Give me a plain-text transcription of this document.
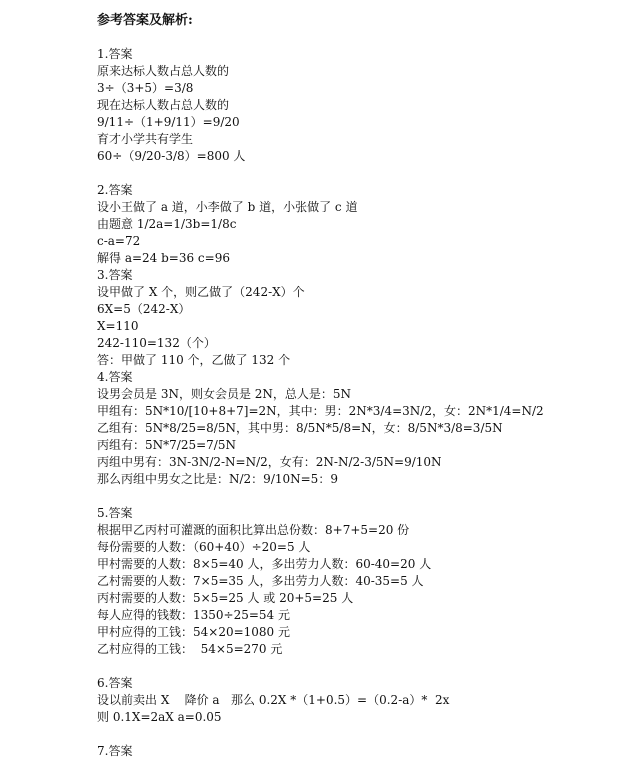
参考答案及解析:
1.答案
原来达标人数占总人数的
3÷（3+5）=3/8
现在达标人数占总人数的
9/11÷（1+9/11）=9/20
育才小学共有学生
60÷（9/20-3/8）=800 人
2.答案
设小王做了 a 道，小李做了 b 道，小张做了 c 道
由题意 1/2a=1/3b=1/8c
c-a=72
解得 a=24 b=36 c=96
3.答案
设甲做了 X 个，则乙做了（242-X）个
6X=5（242-X）
X=110
242-110=132（个）
答：甲做了 110 个，乙做了 132 个
4.答案
设男会员是 3N，则女会员是 2N，总人是：5N
甲组有：5N*10/[10+8+7]=2N，其中：男：2N*3/4=3N/2，女：2N*1/4=N/2
乙组有：5N*8/25=8/5N，其中男：8/5N*5/8=N，女：8/5N*3/8=3/5N
丙组有：5N*7/25=7/5N
丙组中男有：3N-3N/2-N=N/2，女有：2N-N/2-3/5N=9/10N
那么丙组中男女之比是：N/2：9/10N=5：9
5.答案
根据甲乙丙村可灌溉的面积比算出总份数：8+7+5=20 份
每份需要的人数：（60+40）÷20=5 人
甲村需要的人数：8×5=40 人，多出劳力人数：60-40=20 人
乙村需要的人数：7×5=35 人，多出劳力人数：40-35=5 人
丙村需要的人数：5×5=25 人 或 20+5=25 人
每人应得的钱数：1350÷25=54 元
甲村应得的工钱：54×20=1080 元
乙村应得的工钱：  54×5=270 元
6.答案
设以前卖出 X    降价 a   那么 0.2X *（1+0.5）=（0.2-a）*  2x
则 0.1X=2aX a=0.05
7.答案
